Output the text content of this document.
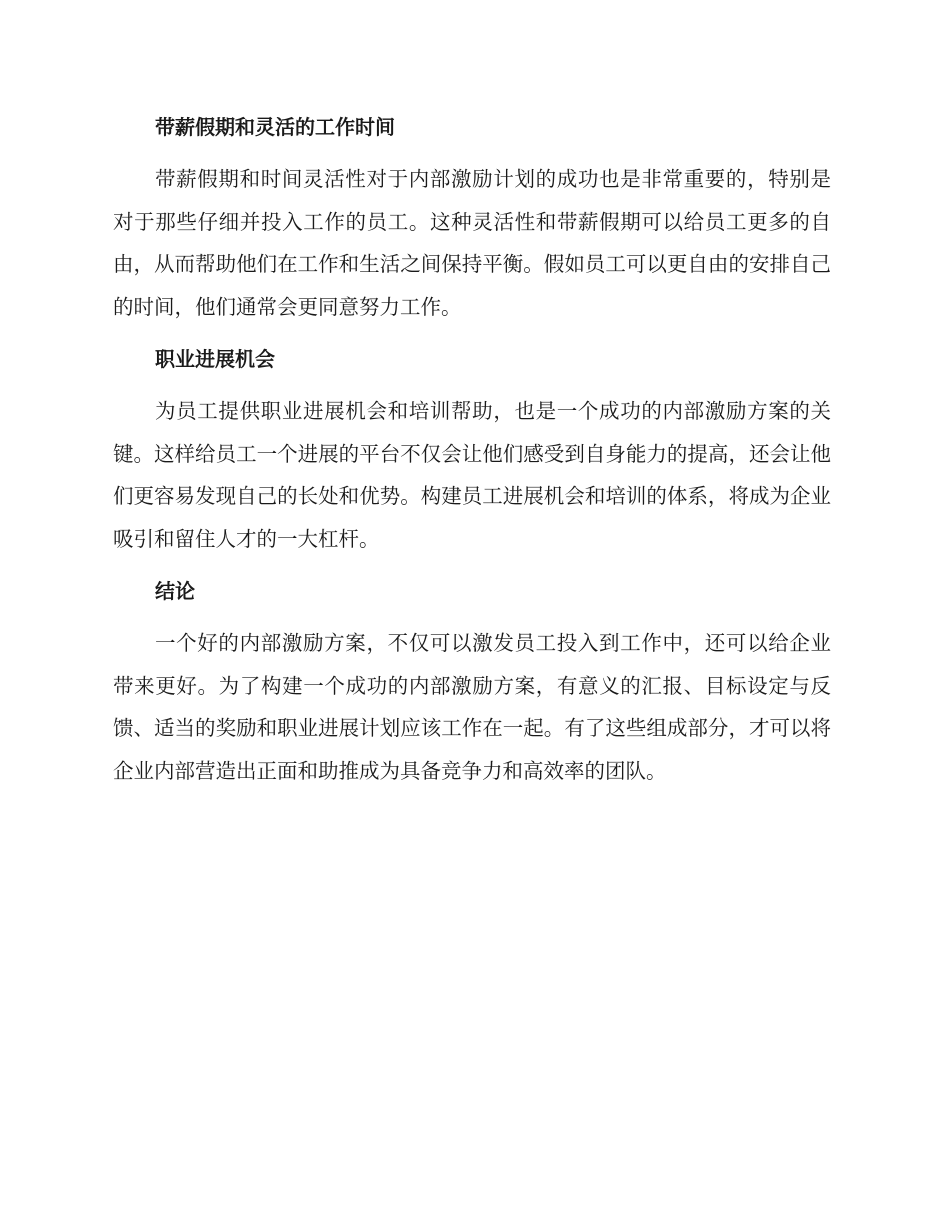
带薪假期和灵活的工作时间

带薪假期和时间灵活性对于内部激励计划的成功也是非常重要的，特别是对于那些仔细并投入工作的员工。这种灵活性和带薪假期可以给员工更多的自由，从而帮助他们在工作和生活之间保持平衡。假如员工可以更自由的安排自己的时间，他们通常会更同意努力工作。

职业进展机会

为员工提供职业进展机会和培训帮助，也是一个成功的内部激励方案的关键。这样给员工一个进展的平台不仅会让他们感受到自身能力的提高，还会让他们更容易发现自己的长处和优势。构建员工进展机会和培训的体系，将成为企业吸引和留住人才的一大杠杆。

结论

一个好的内部激励方案，不仅可以激发员工投入到工作中，还可以给企业带来更好。为了构建一个成功的内部激励方案，有意义的汇报、目标设定与反馈、适当的奖励和职业进展计划应该工作在一起。有了这些组成部分，才可以将企业内部营造出正面和助推成为具备竞争力和高效率的团队。
